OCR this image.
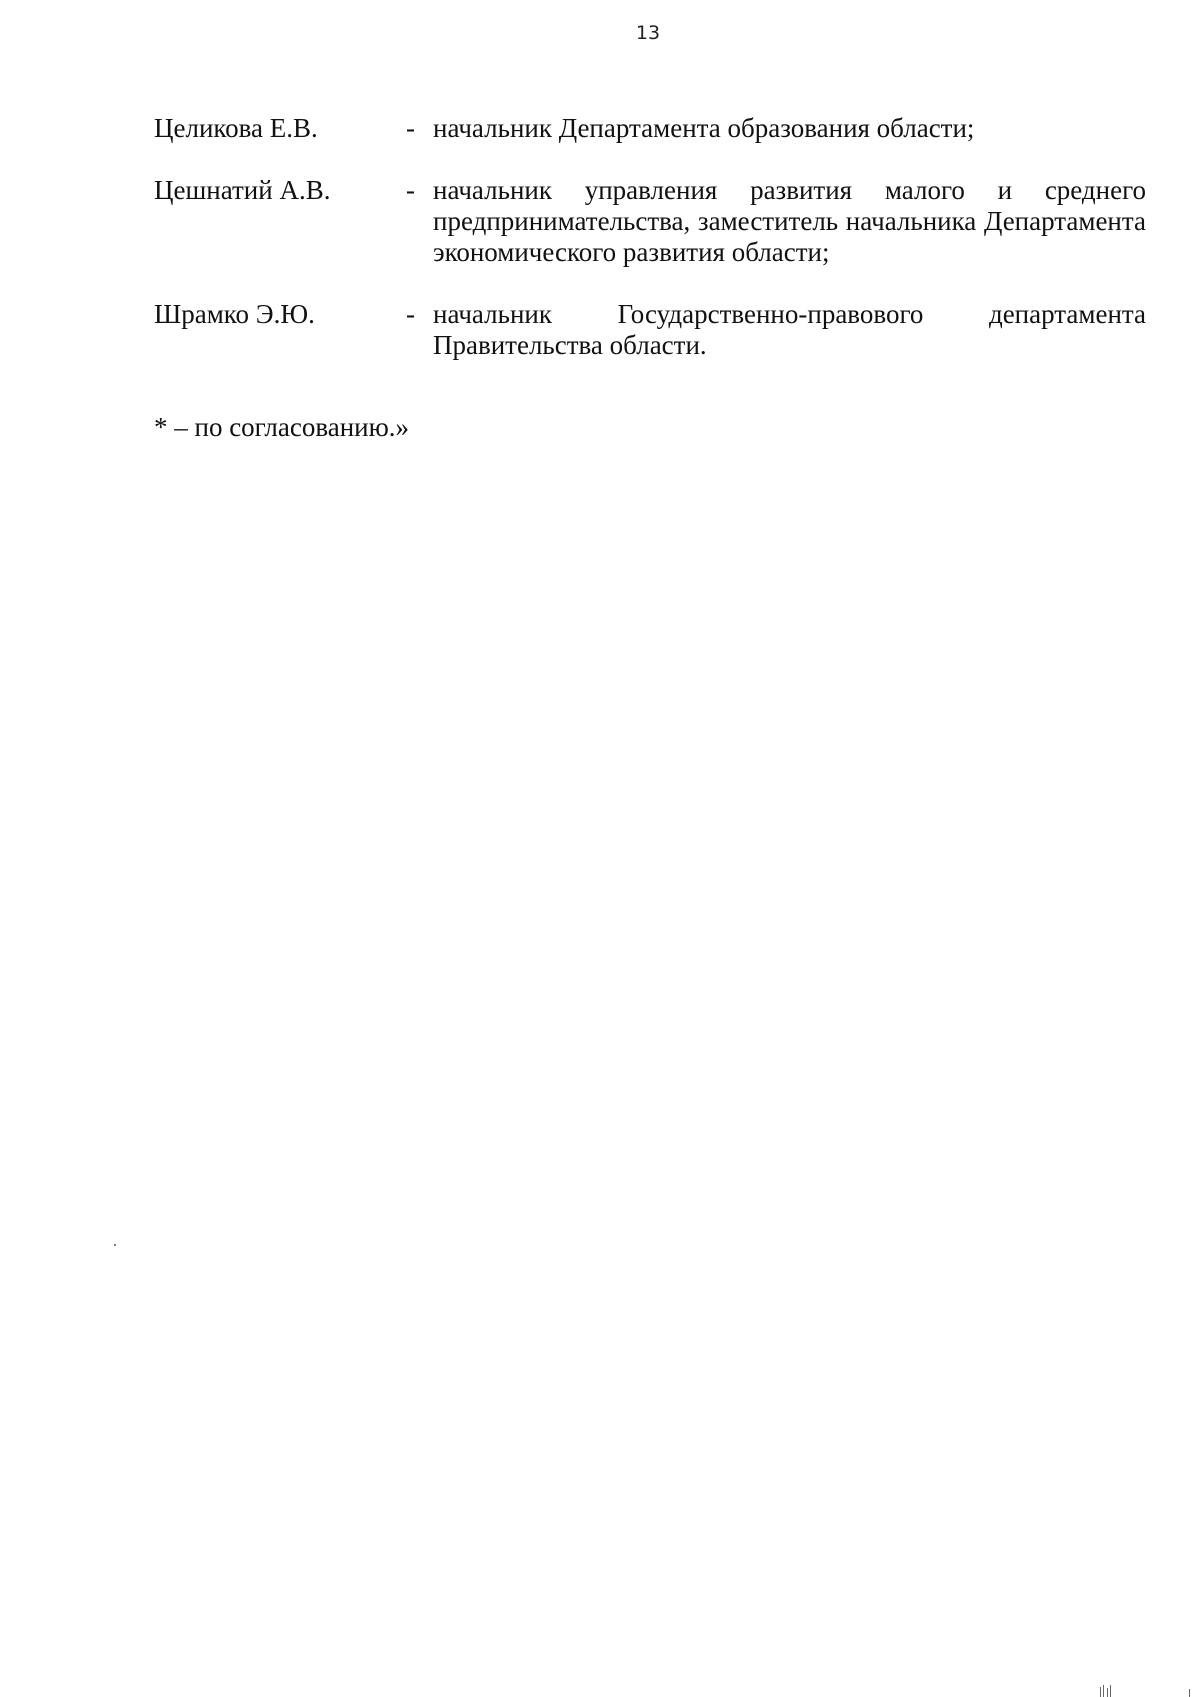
13
Целикова Е.В.	- начальник Департамента образования области;
Цешнатий А.В.	- начальник управления развития малого и среднего предпринимательства, заместитель начальника Департамента экономического развития области;
Шрамко Э.Ю.	- начальник Государственно-правового департамента Правительства области.
* – по согласованию.»
